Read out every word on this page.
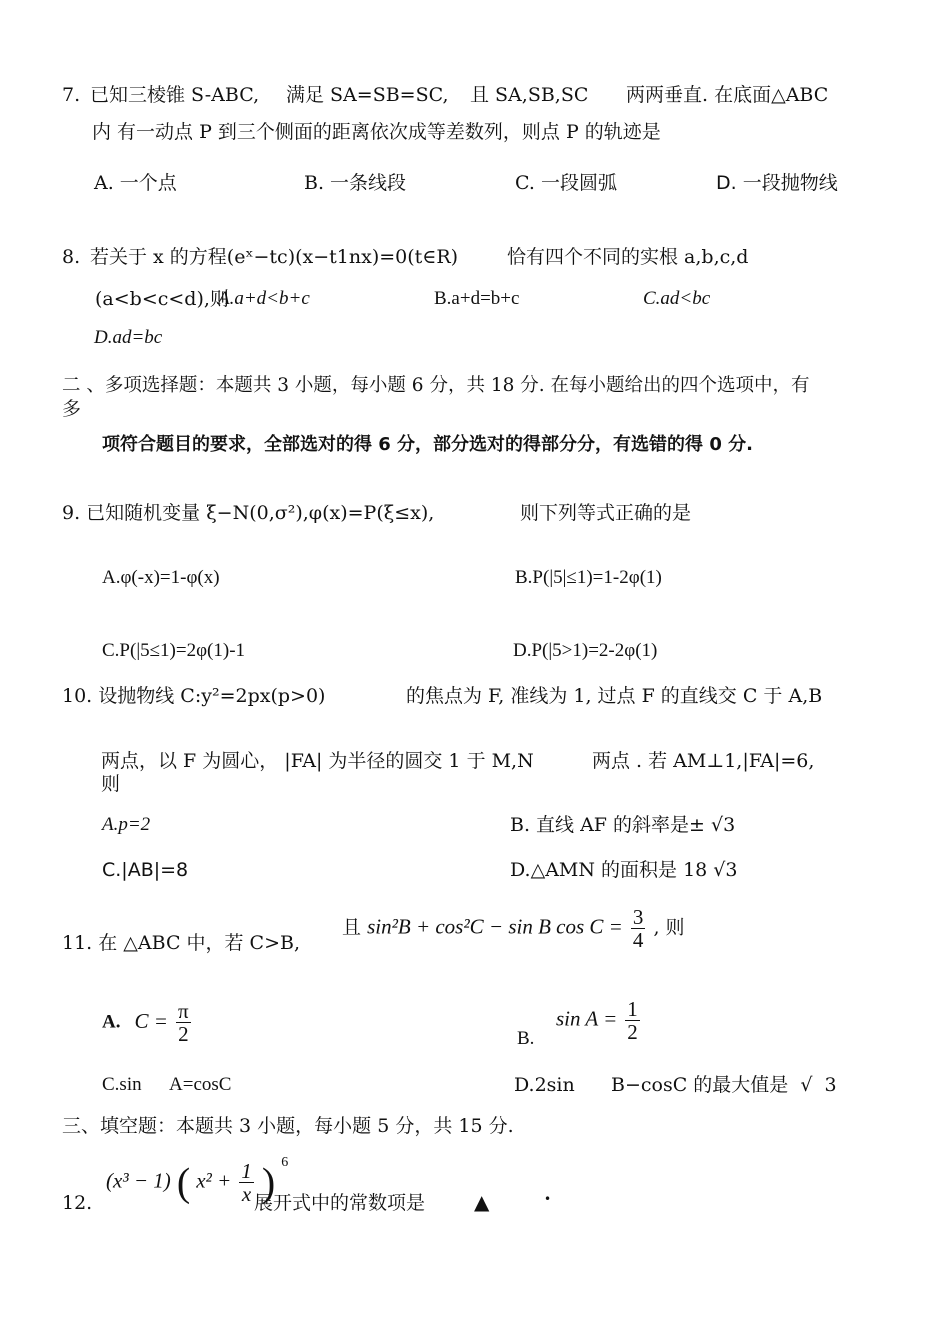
7. 已知三棱锥 S-ABC, 满足 SA=SB=SC, 且 SA,SB,SC 两两垂直. 在底面△ABC
内 有一动点 P 到三个侧面的距离依次成等差数列，则点 P 的轨迹是
A. 一个点	B. 一条线段	C. 一段圆弧	D. 一段抛物线
8. 若关于 x 的方程(eˣ−tc)(x−t1nx)=0(t∈R)	恰有四个不同的实根 a,b,c,d
(a<b<c<d),则
A.a+d<b+c	B.a+d=b+c	C.ad<bc
D.ad=bc
二 、多项选择题：本题共 3 小题，每小题 6 分，共 18 分. 在每小题给出的四个选项中，有
多
项符合题目的要求，全部选对的得 6 分，部分选对的得部分分，有选错的得 0 分.
9. 已知随机变量 ξ−N(0,σ²),φ(x)=P(ξ≤x),	则下列等式正确的是
A.φ(-x)=1-φ(x)	B.P(|5|≤1)=1-2φ(1)
C.P(|5≤1)=2φ(1)-1	D.P(|5>1)=2-2φ(1)
10. 设抛物线 C:y²=2px(p>0)	的焦点为 F, 准线为 1, 过点 F 的直线交 C 于 A,B
两点，以 F 为圆心， |FA| 为半径的圆交 1 于 M,N	两点 . 若 AM⊥1,|FA|=6,
则
A.p=2	B. 直线 AF 的斜率是± √3
C.|AB|=8	D.△AMN 的面积是 18 √3
11. 在 △ABC 中，若 C>B,
且 sin²B + cos²C − sin B $\cos C = \frac{3}{4}$ , 则
A. $C = \frac{\pi}{2}$	B.
$\sin A = \frac{1}{2}$
C.sin      A=cosC	D.2sin      B−cosC 的最大值是  √  3
三、填空题：本题共 3 小题，每小题 5 分，共 15 分.
12.
(x³ − 1) ( $x^2 + \frac{1}{x}$ ) $^6$
展开式中的常数项是 ▲	•
